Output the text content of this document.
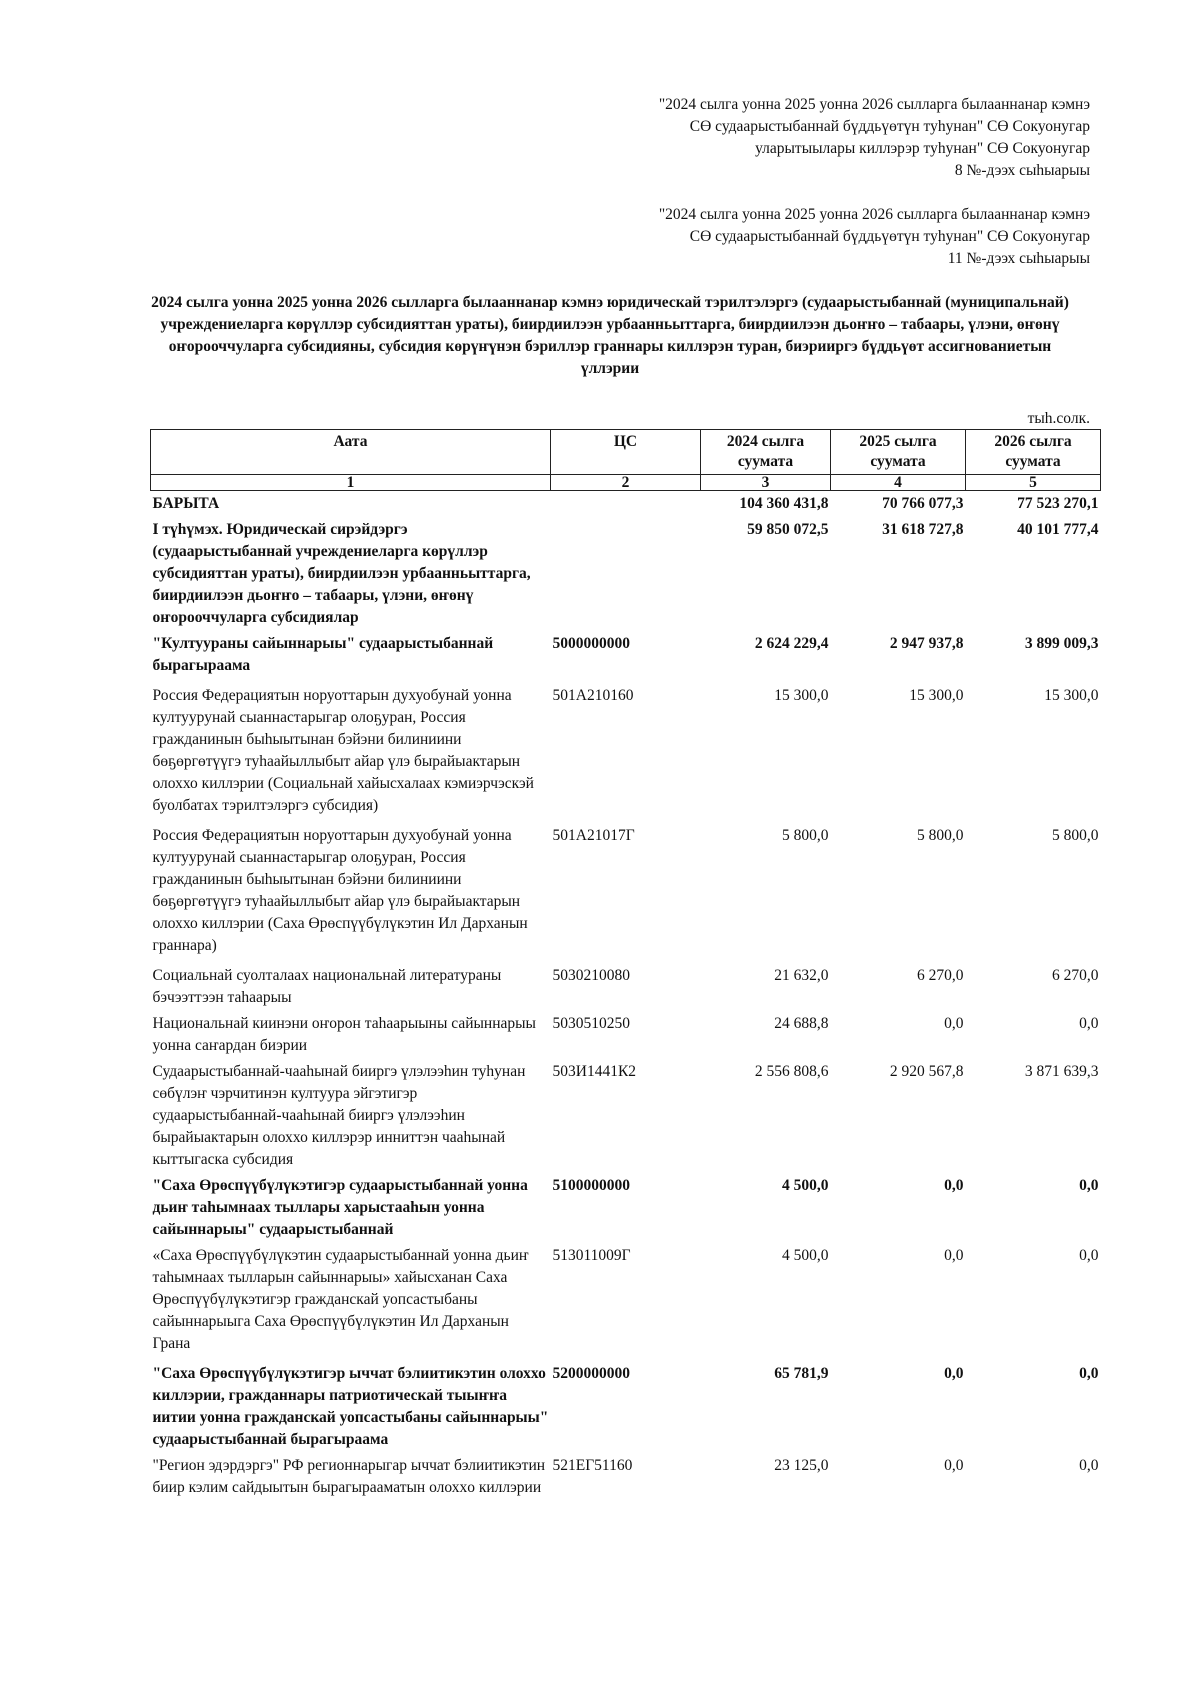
"2024 сылга уонна 2025 уонна 2026 сылларга былааннанар кэмнэ
СӨ судаарыстыбаннай бүддьүөтүн туһунан" СӨ Сокуонугар
уларытыылары киллэрэр туһунан" СӨ Сокуонугар
8 №-дээх сыһыарыы
"2024 сылга уонна 2025 уонна 2026 сылларга былааннанар кэмнэ
СӨ судаарыстыбаннай бүддьүөтүн туһунан" СӨ Сокуонугар
11 №-дээх сыһыарыы
2024 сылга уонна 2025 уонна 2026 сылларга былааннанар кэмнэ юридическай тэрилтэлэргэ (судаарыстыбаннай (муниципальнай) учреждениеларга көрүллэр субсидияттан ураты), биирдиилээн урбаанньыттарга, биирдиилээн дьоҥҥо – табаары, үлэни, өҥөнү оҥорооччуларга субсидияны, субсидия көрүҥүнэн бэриллэр граннары киллэрэн туран, биэрииргэ бүддьүөт ассигнованиетын үллэрии
тыһ.солк.
Аата	ЦС	2024 сылга суумата	2025 сылга суумата	2026 сылга суумата
1	2	3	4	5
БАРЫТА		104 360 431,8	70 766 077,3	77 523 270,1
I түһүмэх. Юридическай сирэйдэргэ (судаарыстыбаннай учреждениеларга көрүллэр субсидияттан ураты), биирдиилээн урбаанньыттарга, биирдиилээн дьоҥҥо – табаары, үлэни, өҥөнү оҥорооччуларга субсидиялар		59 850 072,5	31 618 727,8	40 101 777,4
"Култуураны сайыннарыы" судаарыстыбаннай бырагыраама	5000000000	2 624 229,4	2 947 937,8	3 899 009,3
Россия Федерациятын норуоттарын духуобунай уонна култуурунай сыаннастарыгар олоҕуран, Россия гражданинын быһыытынан бэйэни билиниини бөҕөргөтүүгэ туһаайыллыбыт айар үлэ бырайыактарын олоххо киллэрии (Социальнай хайысхалаах кэмиэрчэскэй буолбатах тэрилтэлэргэ субсидия)	501A210160	15 300,0	15 300,0	15 300,0
Россия Федерациятын норуоттарын духуобунай уонна култуурунай сыаннастарыгар олоҕуран, Россия гражданинын быһыытынан бэйэни билиниини бөҕөргөтүүгэ туһаайыллыбыт айар үлэ бырайыактарын олоххо киллэрии (Саха Өрөспүүбүлүкэтин Ил Дарханын граннара)	501A21017Г	5 800,0	5 800,0	5 800,0
Социальнай суолталаах национальнай литератураны бэчээттээн таһаарыы	5030210080	21 632,0	6 270,0	6 270,0
Национальнай киинэни оҥорон таһаарыыны сайыннарыы уонна саҥардан биэрии	5030510250	24 688,8	0,0	0,0
Судаарыстыбаннай-чааһынай бииргэ үлэлээһин туһунан сөбүлэҥ чэрчитинэн култуура эйгэтигэр судаарыстыбаннай-чааһынай бииргэ үлэлээһин бырайыактарын олоххо киллэрэр инниттэн чааһынай кыттыгаска субсидия	503И1441К2	2 556 808,6	2 920 567,8	3 871 639,3
"Саха Өрөспүүбүлүкэтигэр судаарыстыбаннай уонна дьиҥ таһымнаах тыллары харыстааһын уонна сайыннарыы" судаарыстыбаннай	5100000000	4 500,0	0,0	0,0
«Саха Өрөспүүбүлүкэтин судаарыстыбаннай уонна дьиҥ таһымнаах тылларын сайыннарыы» хайысханан Саха Өрөспүүбүлүкэтигэр гражданскай уопсастыбаны сайыннарыыга Саха Өрөспүүбүлүкэтин Ил Дарханын Грана	513011009Г	4 500,0	0,0	0,0
"Саха Өрөспүүбүлүкэтигэр ыччат бэлиитикэтин олоххо киллэрии, гражданнары патриотическай тыыҥҥа иитии уонна гражданскай уопсастыбаны сайыннарыы" судаарыстыбаннай бырагыраама	5200000000	65 781,9	0,0	0,0
"Регион эдэрдэргэ" РФ регионнарыгар ыччат бэлиитикэтин биир кэлим сайдыытын бырагырааматын олохxо киллэрии	521ЕГ51160	23 125,0	0,0	0,0
